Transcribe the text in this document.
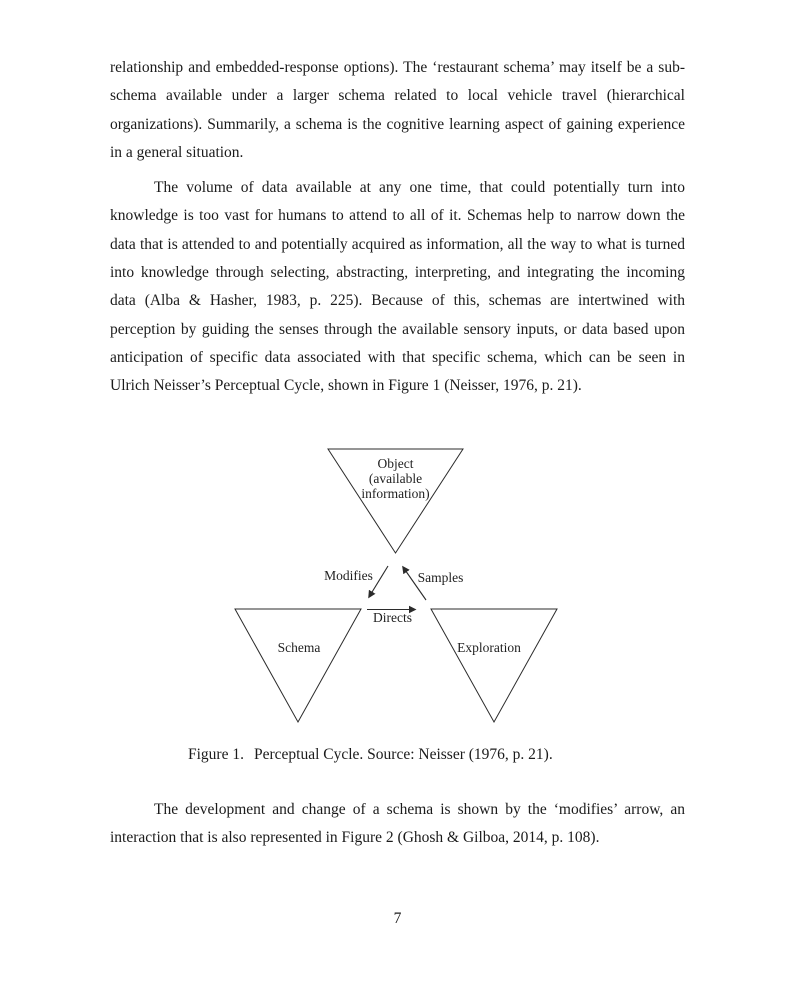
relationship and embedded-response options). The ‘restaurant schema’ may itself be a sub-
schema available under a larger schema related to local vehicle travel (hierarchical
organizations). Summarily, a schema is the cognitive learning aspect of gaining experience
in a general situation.
The volume of data available at any one time, that could potentially turn into
knowledge is too vast for humans to attend to all of it. Schemas help to narrow down the
data that is attended to and potentially acquired as information, all the way to what is turned
into knowledge through selecting, abstracting, interpreting, and integrating the incoming
data (Alba & Hasher, 1983, p. 225). Because of this, schemas are intertwined with
perception by guiding the senses through the available sensory inputs, or data based upon
anticipation of specific data associated with that specific schema, which can be seen in
Ulrich Neisser’s Perceptual Cycle, shown in Figure 1 (Neisser, 1976, p. 21).
Object
(available
information)
Modifies	Samples
Directs
Schema	Exploration
Figure 1. Perceptual Cycle. Source: Neisser (1976, p. 21).
The development and change of a schema is shown by the ‘modifies’ arrow, an
interaction that is also represented in Figure 2 (Ghosh & Gilboa, 2014, p. 108).
7
